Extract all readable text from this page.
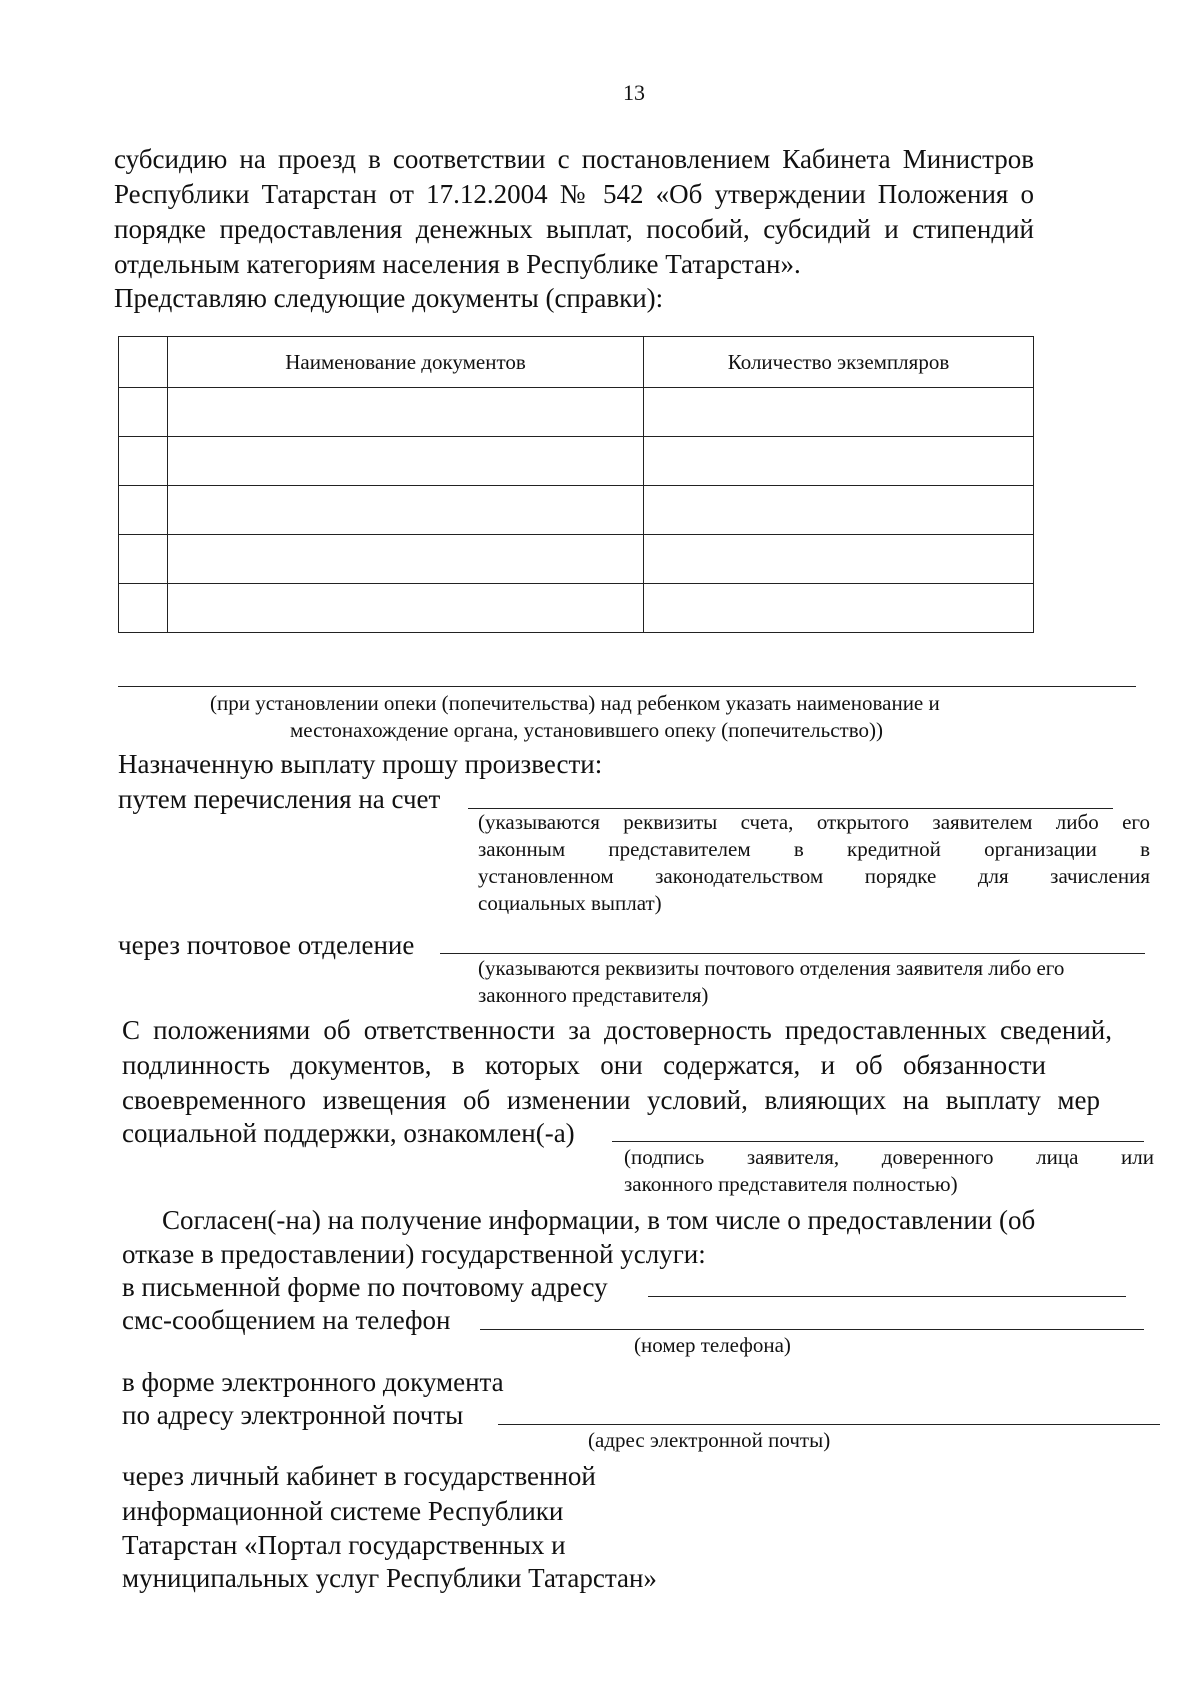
13
субсидию на проезд в соответствии с постановлением Кабинета Министров
Республики Татарстан от 17.12.2004 № 542 «Об утверждении Положения о
порядке предоставления денежных выплат, пособий, субсидий и стипендий
отдельным категориям населения в Республике Татарстан».
Представляю следующие документы (справки):
	Наименование документов	Количество экземпляров

(при установлении опеки (попечительства) над ребенком указать наименование и
местонахождение органа, установившего опеку (попечительство))
Назначенную выплату прошу произвести:
путем перечисления на счет
(указываются реквизиты счета, открытого заявителем либо его
законным представителем в кредитной организации в
установленном законодательством порядке для зачисления
социальных выплат)
через почтовое отделение
(указываются реквизиты почтового отделения заявителя либо его
законного представителя)
С положениями об ответственности за достоверность предоставленных сведений,
подлинность документов, в которых они содержатся, и об обязанности
своевременного извещения об изменении условий, влияющих на выплату мер
социальной поддержки, ознакомлен(-а)
(подпись заявителя, доверенного лица или
законного представителя полностью)
Согласен(-на) на получение информации, в том числе о предоставлении (об
отказе в предоставлении) государственной услуги:
в письменной форме по почтовому адресу
смс-сообщением на телефон
(номер телефона)
в форме электронного документа
по адресу электронной почты
(адрес электронной почты)
через личный кабинет в государственной
информационной системе Республики
Татарстан «Портал государственных и
муниципальных услуг Республики Татарстан»
